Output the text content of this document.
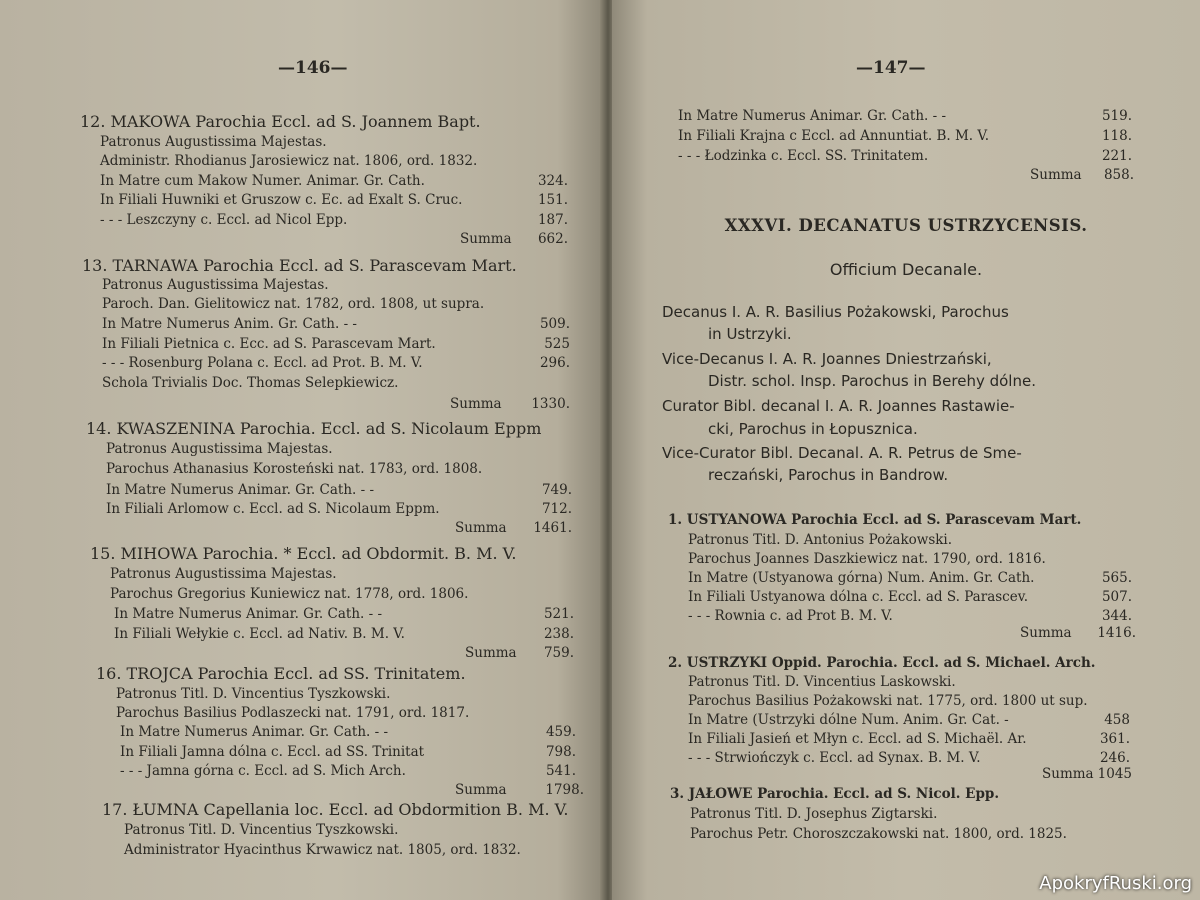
—146—
12. MAKOWA Parochia Eccl. ad S. Joannem Bapt.
Patronus Augustissima Majestas.
Administr. Rhodianus Jarosiewicz nat. 1806, ord. 1832.
In Matre cum Makow Numer. Animar. Gr. Cath.	324.
In Filiali Huwniki et Gruszow c. Ec. ad Exalt S. Cruc.	151.
- - - Leszczyny c. Eccl. ad Nicol Epp.	187.
Summa 662.
13. TARNAWA Parochia Eccl. ad S. Parascevam Mart.
Patronus Augustissima Majestas.
Paroch. Dan. Gielitowicz nat. 1782, ord. 1808, ut supra.
In Matre Numerus Anim. Gr. Cath. - -	509.
In Filiali Pietnica c. Ecc. ad S. Parascevam Mart.	525
- - - Rosenburg Polana c. Eccl. ad Prot. B. M. V.	296.
Schola Trivialis Doc. Thomas Selepkiewicz.
Summa 1330.
14. KWASZENINA Parochia. Eccl. ad S. Nicolaum Eppm
Patronus Augustissima Majestas.
Parochus Athanasius Korosteński nat. 1783, ord. 1808.
In Matre Numerus Animar. Gr. Cath. - -	749.
In Filiali Arlomow c. Eccl. ad S. Nicolaum Eppm.	712.
Summa 1461.
15. MIHOWA Parochia. * Eccl. ad Obdormit. B. M. V.
Patronus Augustissima Majestas.
Parochus Gregorius Kuniewicz nat. 1778, ord. 1806.
In Matre Numerus Animar. Gr. Cath. - -	521.
In Filiali Wełykie c. Eccl. ad Nativ. B. M. V.	238.
Summa 759.
16. TROJCA Parochia Eccl. ad SS. Trinitatem.
Patronus Titl. D. Vincentius Tyszkowski.
Parochus Basilius Podlaszecki nat. 1791, ord. 1817.
In Matre Numerus Animar. Gr. Cath. - -	459.
In Filiali Jamna dólna c. Eccl. ad SS. Trinitat	798.
- - - Jamna górna c. Eccl. ad S. Mich Arch.	541.
Summa	1798.
17. ŁUMNA Capellania loc. Eccl. ad Obdormition B. M. V.
Patronus Titl. D. Vincentius Tyszkowski.
Administrator Hyacinthus Krwawicz nat. 1805, ord. 1832.
—147—
In Matre Numerus Animar. Gr. Cath. - -	519.
In Filiali Krajna c Eccl. ad Annuntiat. B. M. V.	118.
- - - Łodzinka c. Eccl. SS. Trinitatem.	221.
Summa 858.
XXXVI. DECANATUS USTRZYCENSIS.
Officium Decanale.
Decanus I. A. R. Basilius Pożakowski, Parochus
in Ustrzyki.
Vice-Decanus I. A. R. Joannes Dniestrzański,
Distr. schol. Insp. Parochus in Berehy dólne.
Curator Bibl. decanal I. A. R. Joannes Rastawie-
cki, Parochus in Łopusznica.
Vice-Curator Bibl. Decanal. A. R. Petrus de Sme-
reczański, Parochus in Bandrow.
1. USTYANOWA Parochia Eccl. ad S. Parascevam Mart.
Patronus Titl. D. Antonius Pożakowski.
Parochus Joannes Daszkiewicz nat. 1790, ord. 1816.
In Matre (Ustyanowa górna) Num. Anim. Gr. Cath.	565.
In Filiali Ustyanowa dólna c. Eccl. ad S. Parascev.	507.
- - - Rownia c. ad Prot B. M. V.	344.
Summa 1416.
2. USTRZYKI Oppid. Parochia. Eccl. ad S. Michael. Arch.
Patronus Titl. D. Vincentius Laskowski.
Parochus Basilius Pożakowski nat. 1775, ord. 1800 ut sup.
In Matre (Ustrzyki dólne Num. Anim. Gr. Cat. -	458
In Filiali Jasień et Młyn c. Eccl. ad S. Michaël. Ar.	361.
- - - Strwiończyk c. Eccl. ad Synax. B. M. V.	246.
Summa 1045
3. JAŁOWE Parochia. Eccl. ad S. Nicol. Epp.
Patronus Titl. D. Josephus Zigtarski.
Parochus Petr. Choroszczakowski nat. 1800, ord. 1825.
ApokryfRuski.org
